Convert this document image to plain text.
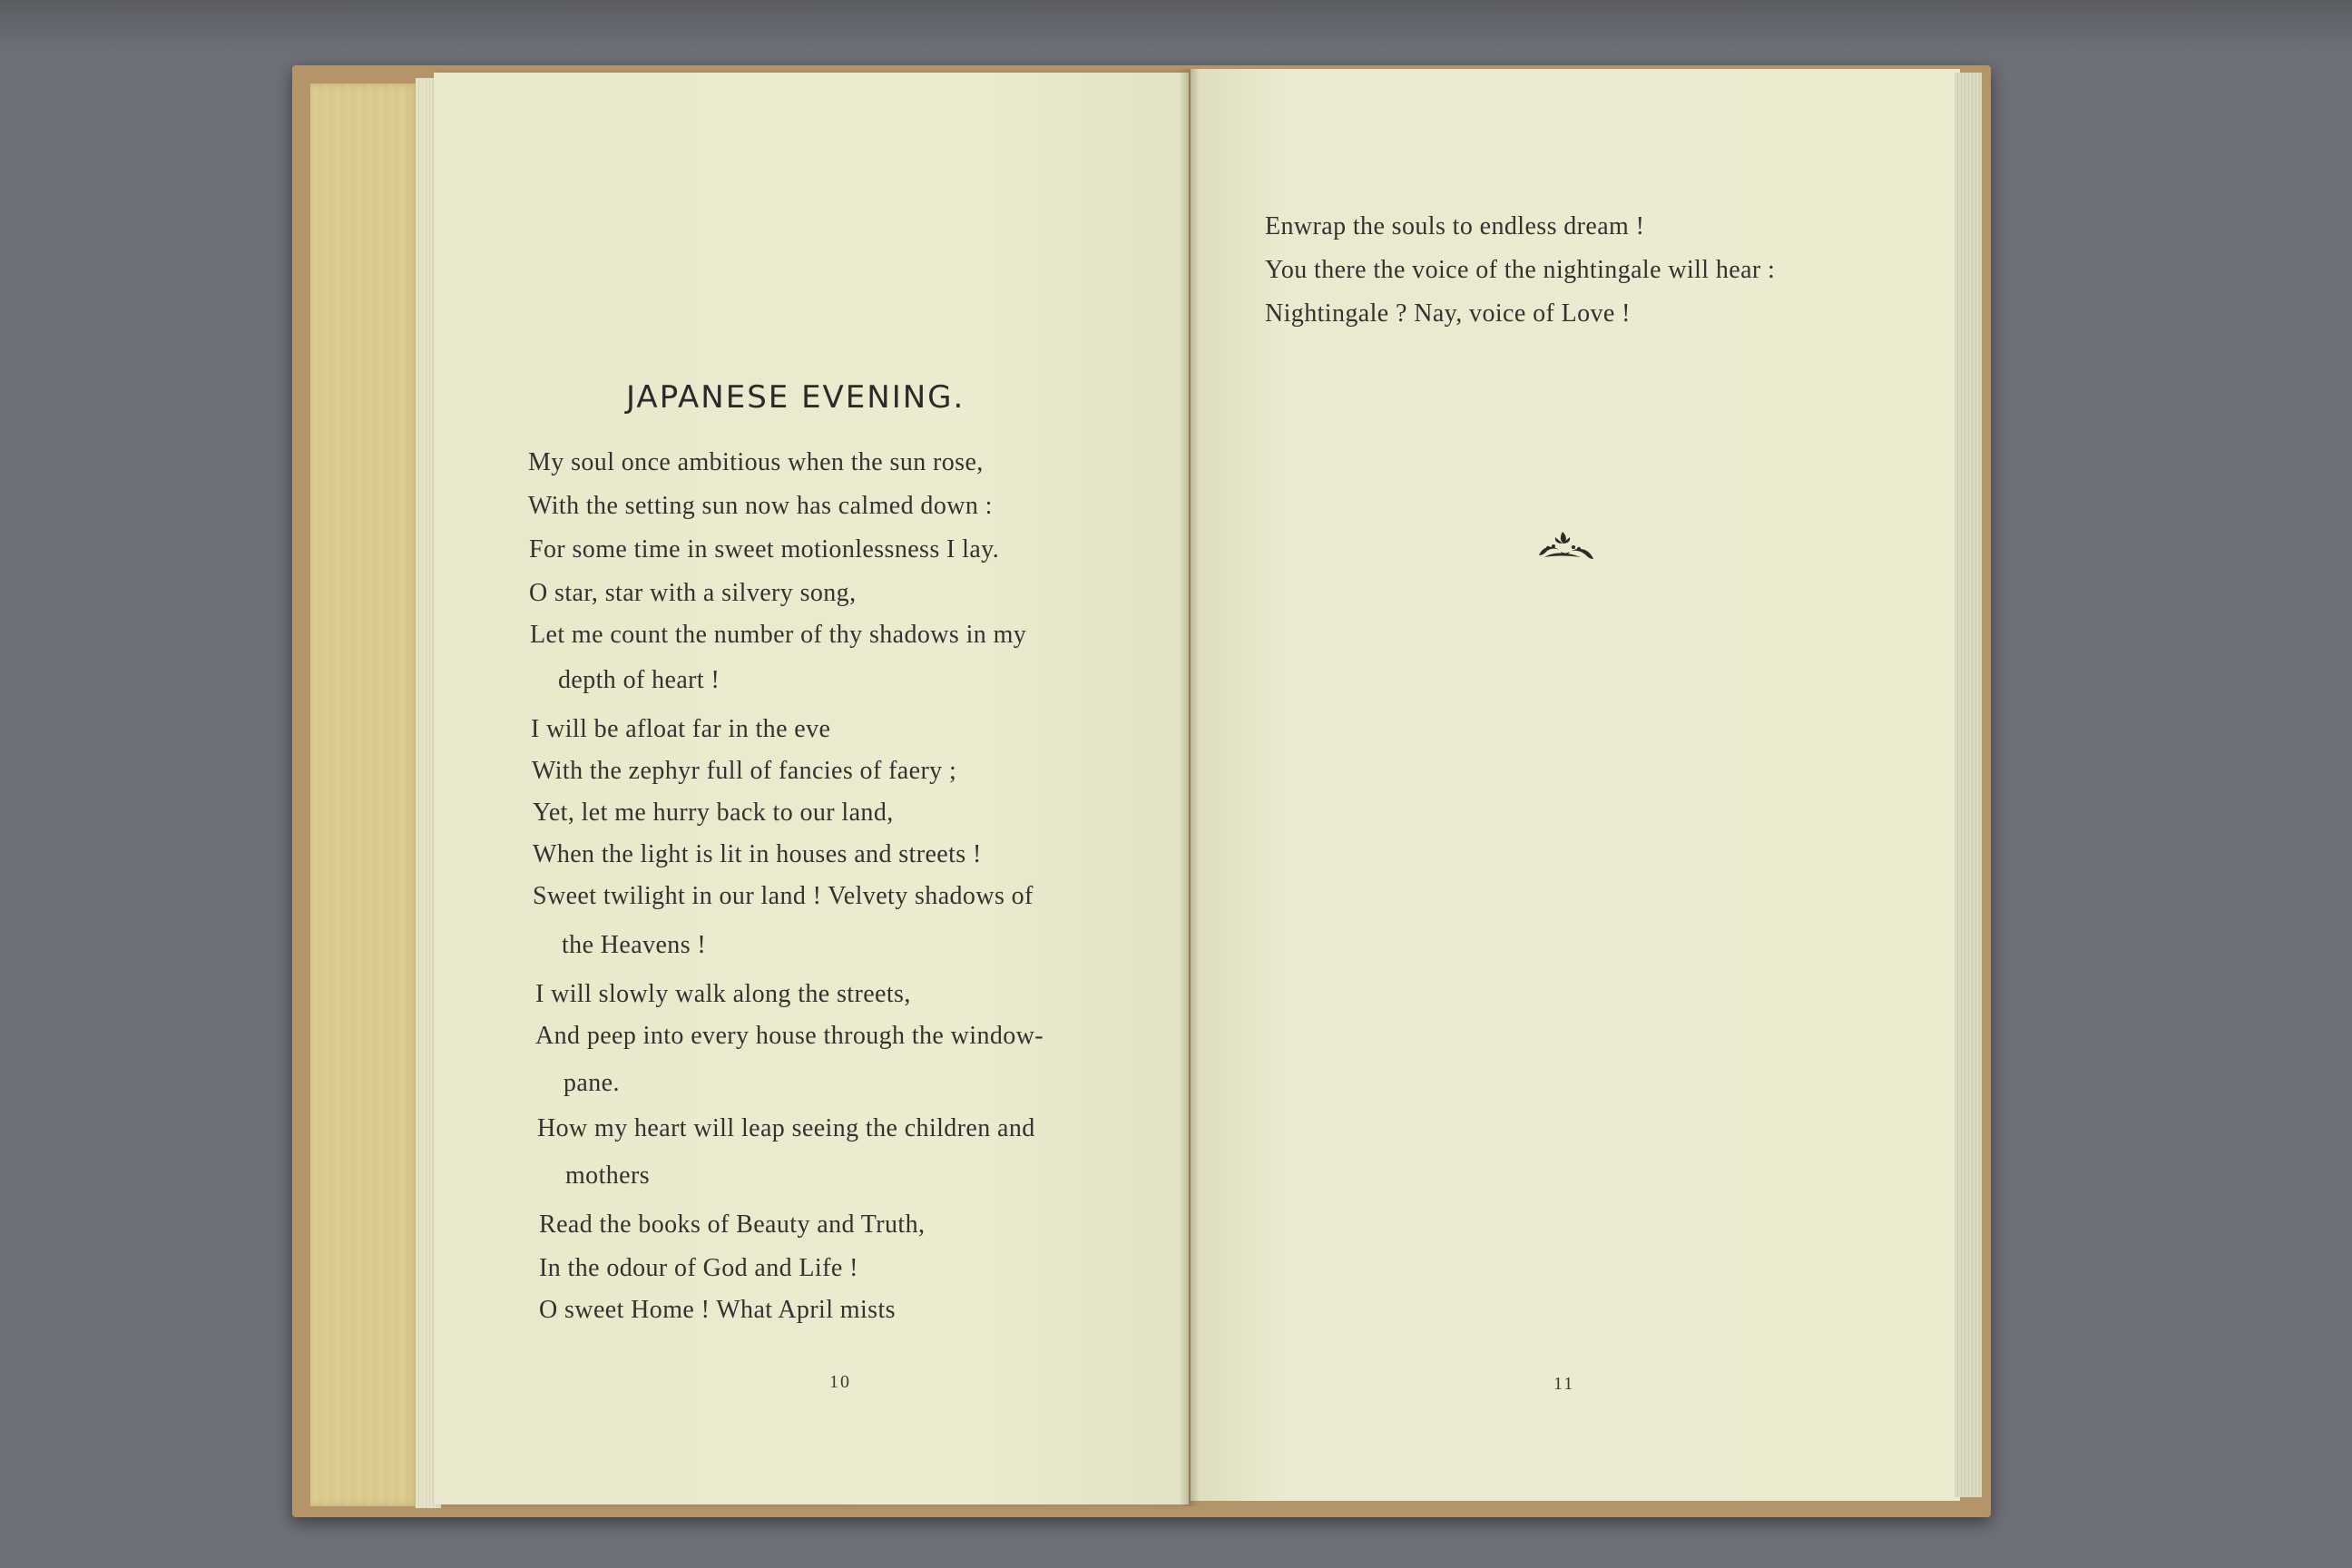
JAPANESE EVENING.

My soul once ambitious when the sun rose,

With the setting sun now has calmed down :

For some time in sweet motionlessness I lay.

O star, star with a silvery song,

Let me count the number of thy shadows in my

depth of heart !

I will be afloat far in the eve

With the zephyr full of fancies of faery ;

Yet, let me hurry back to our land,

When the light is lit in houses and streets !

Sweet twilight in our land ! Velvety shadows of

the Heavens !

I will slowly walk along the streets,

And peep into every house through the window-

pane.

How my heart will leap seeing the children and

mothers

Read the books of Beauty and Truth,

In the odour of God and Life !

O sweet Home ! What April mists

10

Enwrap the souls to endless dream !

You there the voice of the nightingale will hear :

Nightingale ? Nay, voice of Love !

11
